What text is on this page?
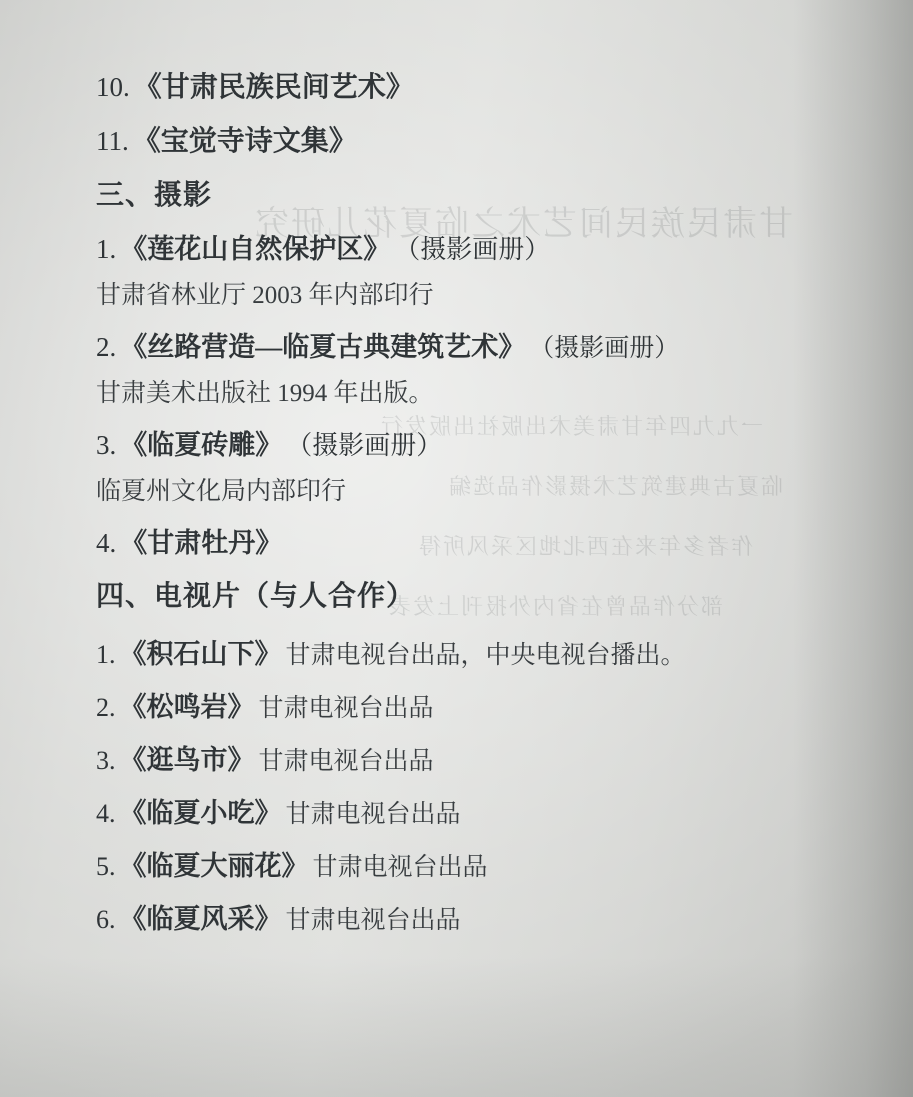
甘肃民族民间艺术之临夏花儿研究
一九九四年甘肃美术出版社出版发行
临夏古典建筑艺术摄影作品选编
作者多年来在西北地区采风所得
部分作品曾在省内外报刊上发表
10. 《甘肃民族民间艺术》
11. 《宝觉寺诗文集》
三、摄影
1. 《莲花山自然保护区》 （摄影画册）
甘肃省林业厅 2003 年内部印行
2. 《丝路营造—临夏古典建筑艺术》 （摄影画册）
甘肃美术出版社 1994 年出版。
3. 《临夏砖雕》 （摄影画册）
临夏州文化局内部印行
4. 《甘肃牡丹》
四、电视片（与人合作）
1. 《积石山下》 甘肃电视台出品，中央电视台播出。
2. 《松鸣岩》 甘肃电视台出品
3. 《逛鸟市》 甘肃电视台出品
4. 《临夏小吃》 甘肃电视台出品
5. 《临夏大丽花》 甘肃电视台出品
6. 《临夏风采》 甘肃电视台出品
